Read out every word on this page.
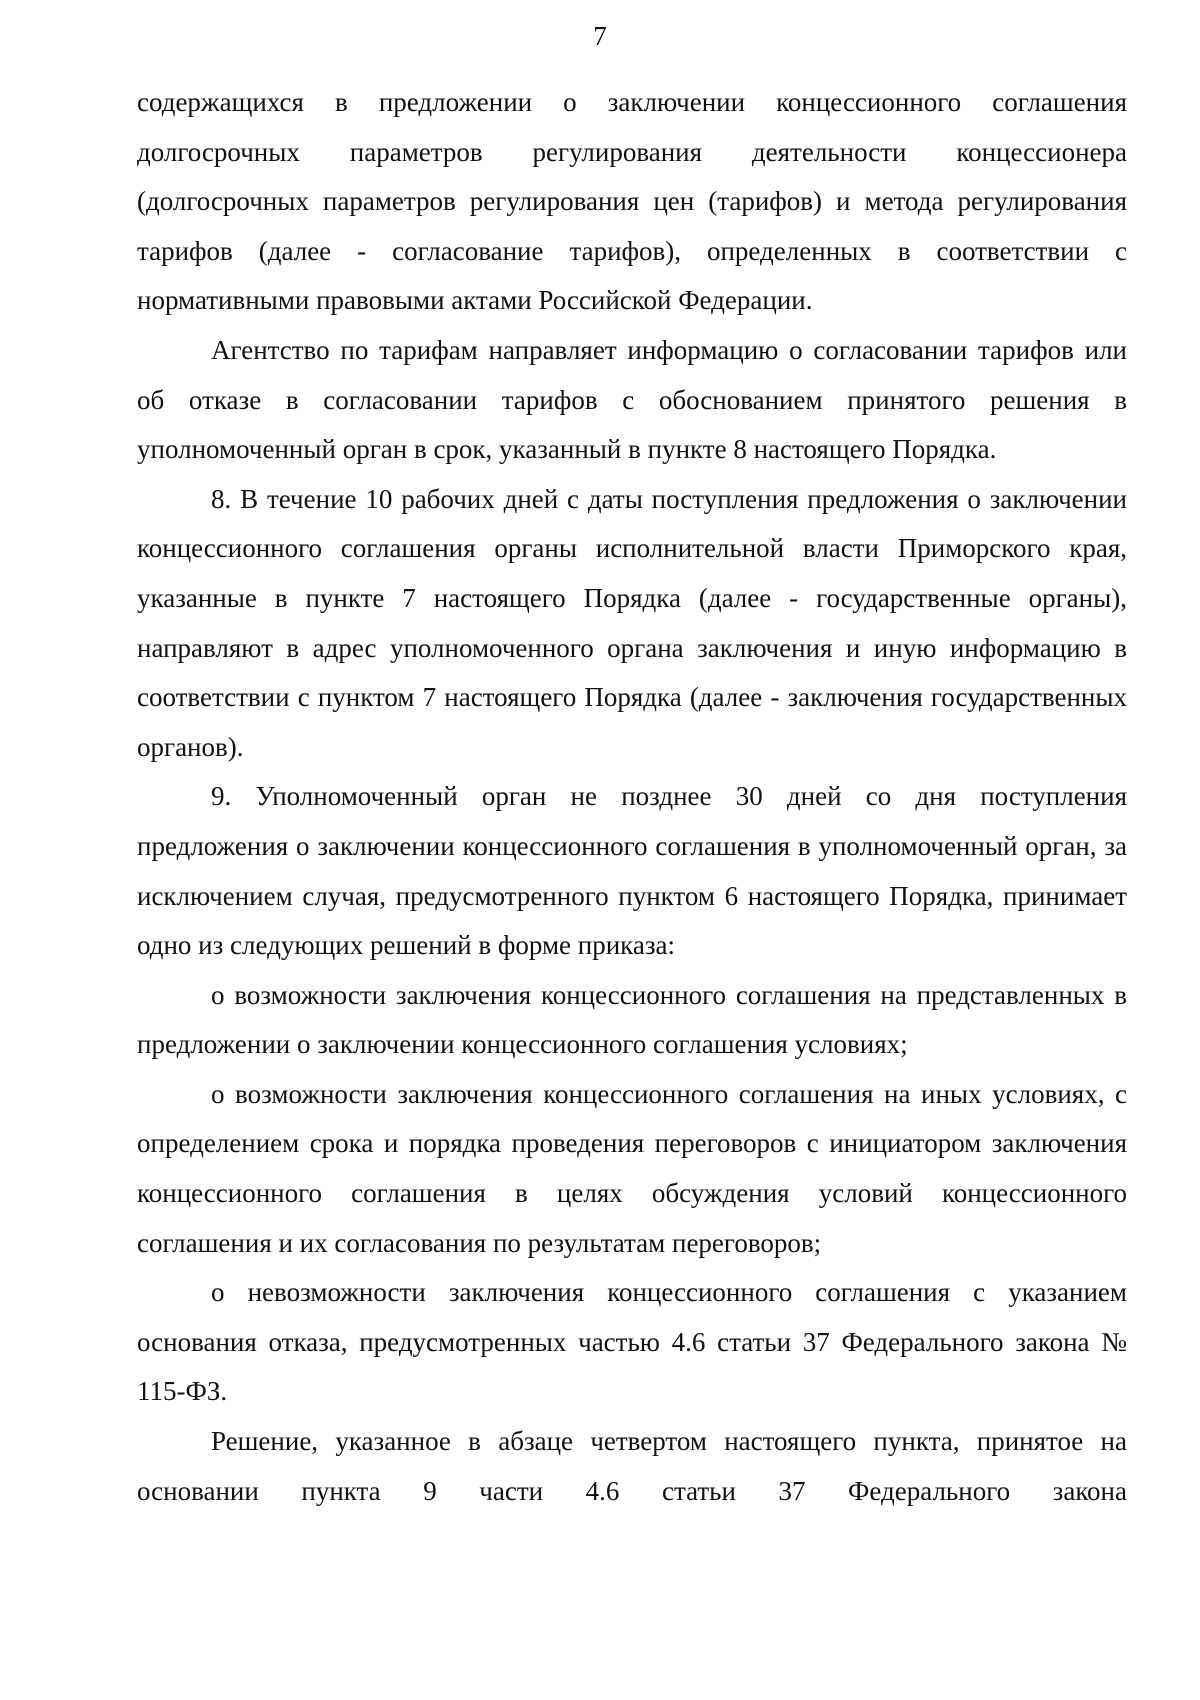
7

содержащихся в предложении о заключении концессионного соглашения долгосрочных параметров регулирования деятельности концессионера (долгосрочных параметров регулирования цен (тарифов) и метода регулирования тарифов (далее - согласование тарифов), определенных в соответствии с нормативными правовыми актами Российской Федерации.

Агентство по тарифам направляет информацию о согласовании тарифов или об отказе в согласовании тарифов с обоснованием принятого решения в уполномоченный орган в срок, указанный в пункте 8 настоящего Порядка.

8. В течение 10 рабочих дней с даты поступления предложения о заключении концессионного соглашения органы исполнительной власти Приморского края, указанные в пункте 7 настоящего Порядка (далее - государственные органы), направляют в адрес уполномоченного органа заключения и иную информацию в соответствии с пунктом 7 настоящего Порядка (далее - заключения государственных органов).

9. Уполномоченный орган не позднее 30 дней со дня поступления предложения о заключении концессионного соглашения в уполномоченный орган, за исключением случая, предусмотренного пунктом 6 настоящего Порядка, принимает одно из следующих решений в форме приказа:

о возможности заключения концессионного соглашения на представленных в предложении о заключении концессионного соглашения условиях;

о возможности заключения концессионного соглашения на иных условиях, с определением срока и порядка проведения переговоров с инициатором заключения концессионного соглашения в целях обсуждения условий концессионного соглашения и их согласования по результатам переговоров;

о невозможности заключения концессионного соглашения с указанием основания отказа, предусмотренных частью 4.6 статьи 37 Федерального закона № 115-ФЗ.

Решение, указанное в абзаце четвертом настоящего пункта, принятое на основании пункта 9 части 4.6 статьи 37 Федерального закона
